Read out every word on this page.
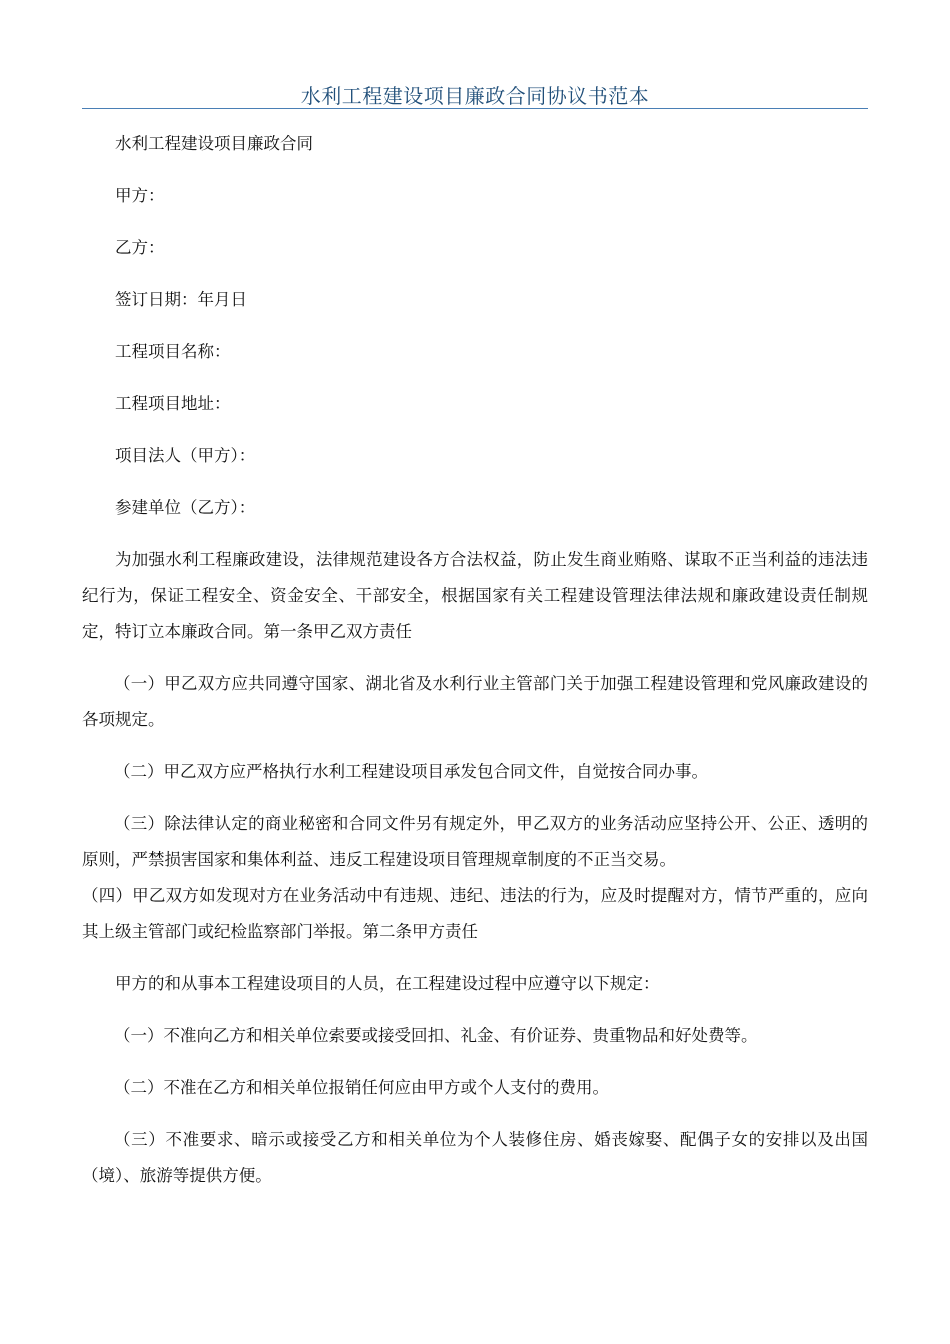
水利工程建设项目廉政合同协议书范本

水利工程建设项目廉政合同

甲方：

乙方：

签订日期：年月日

工程项目名称：

工程项目地址：

项目法人（甲方）：

参建单位（乙方）：

为加强水利工程廉政建设，法律规范建设各方合法权益，防止发生商业贿赂、谋取不正当利益的违法违纪行为，保证工程安全、资金安全、干部安全，根据国家有关工程建设管理法律法规和廉政建设责任制规定，特订立本廉政合同。第一条甲乙双方责任

（一）甲乙双方应共同遵守国家、湖北省及水利行业主管部门关于加强工程建设管理和党风廉政建设的各项规定。

（二）甲乙双方应严格执行水利工程建设项目承发包合同文件，自觉按合同办事。

（三）除法律认定的商业秘密和合同文件另有规定外，甲乙双方的业务活动应坚持公开、公正、透明的原则，严禁损害国家和集体利益、违反工程建设项目管理规章制度的不正当交易。

（四）甲乙双方如发现对方在业务活动中有违规、违纪、违法的行为，应及时提醒对方，情节严重的，应向其上级主管部门或纪检监察部门举报。第二条甲方责任

甲方的和从事本工程建设项目的人员，在工程建设过程中应遵守以下规定：

（一）不准向乙方和相关单位索要或接受回扣、礼金、有价证券、贵重物品和好处费等。

（二）不准在乙方和相关单位报销任何应由甲方或个人支付的费用。

（三）不准要求、暗示或接受乙方和相关单位为个人装修住房、婚丧嫁娶、配偶子女的安排以及出国（境）、旅游等提供方便。
